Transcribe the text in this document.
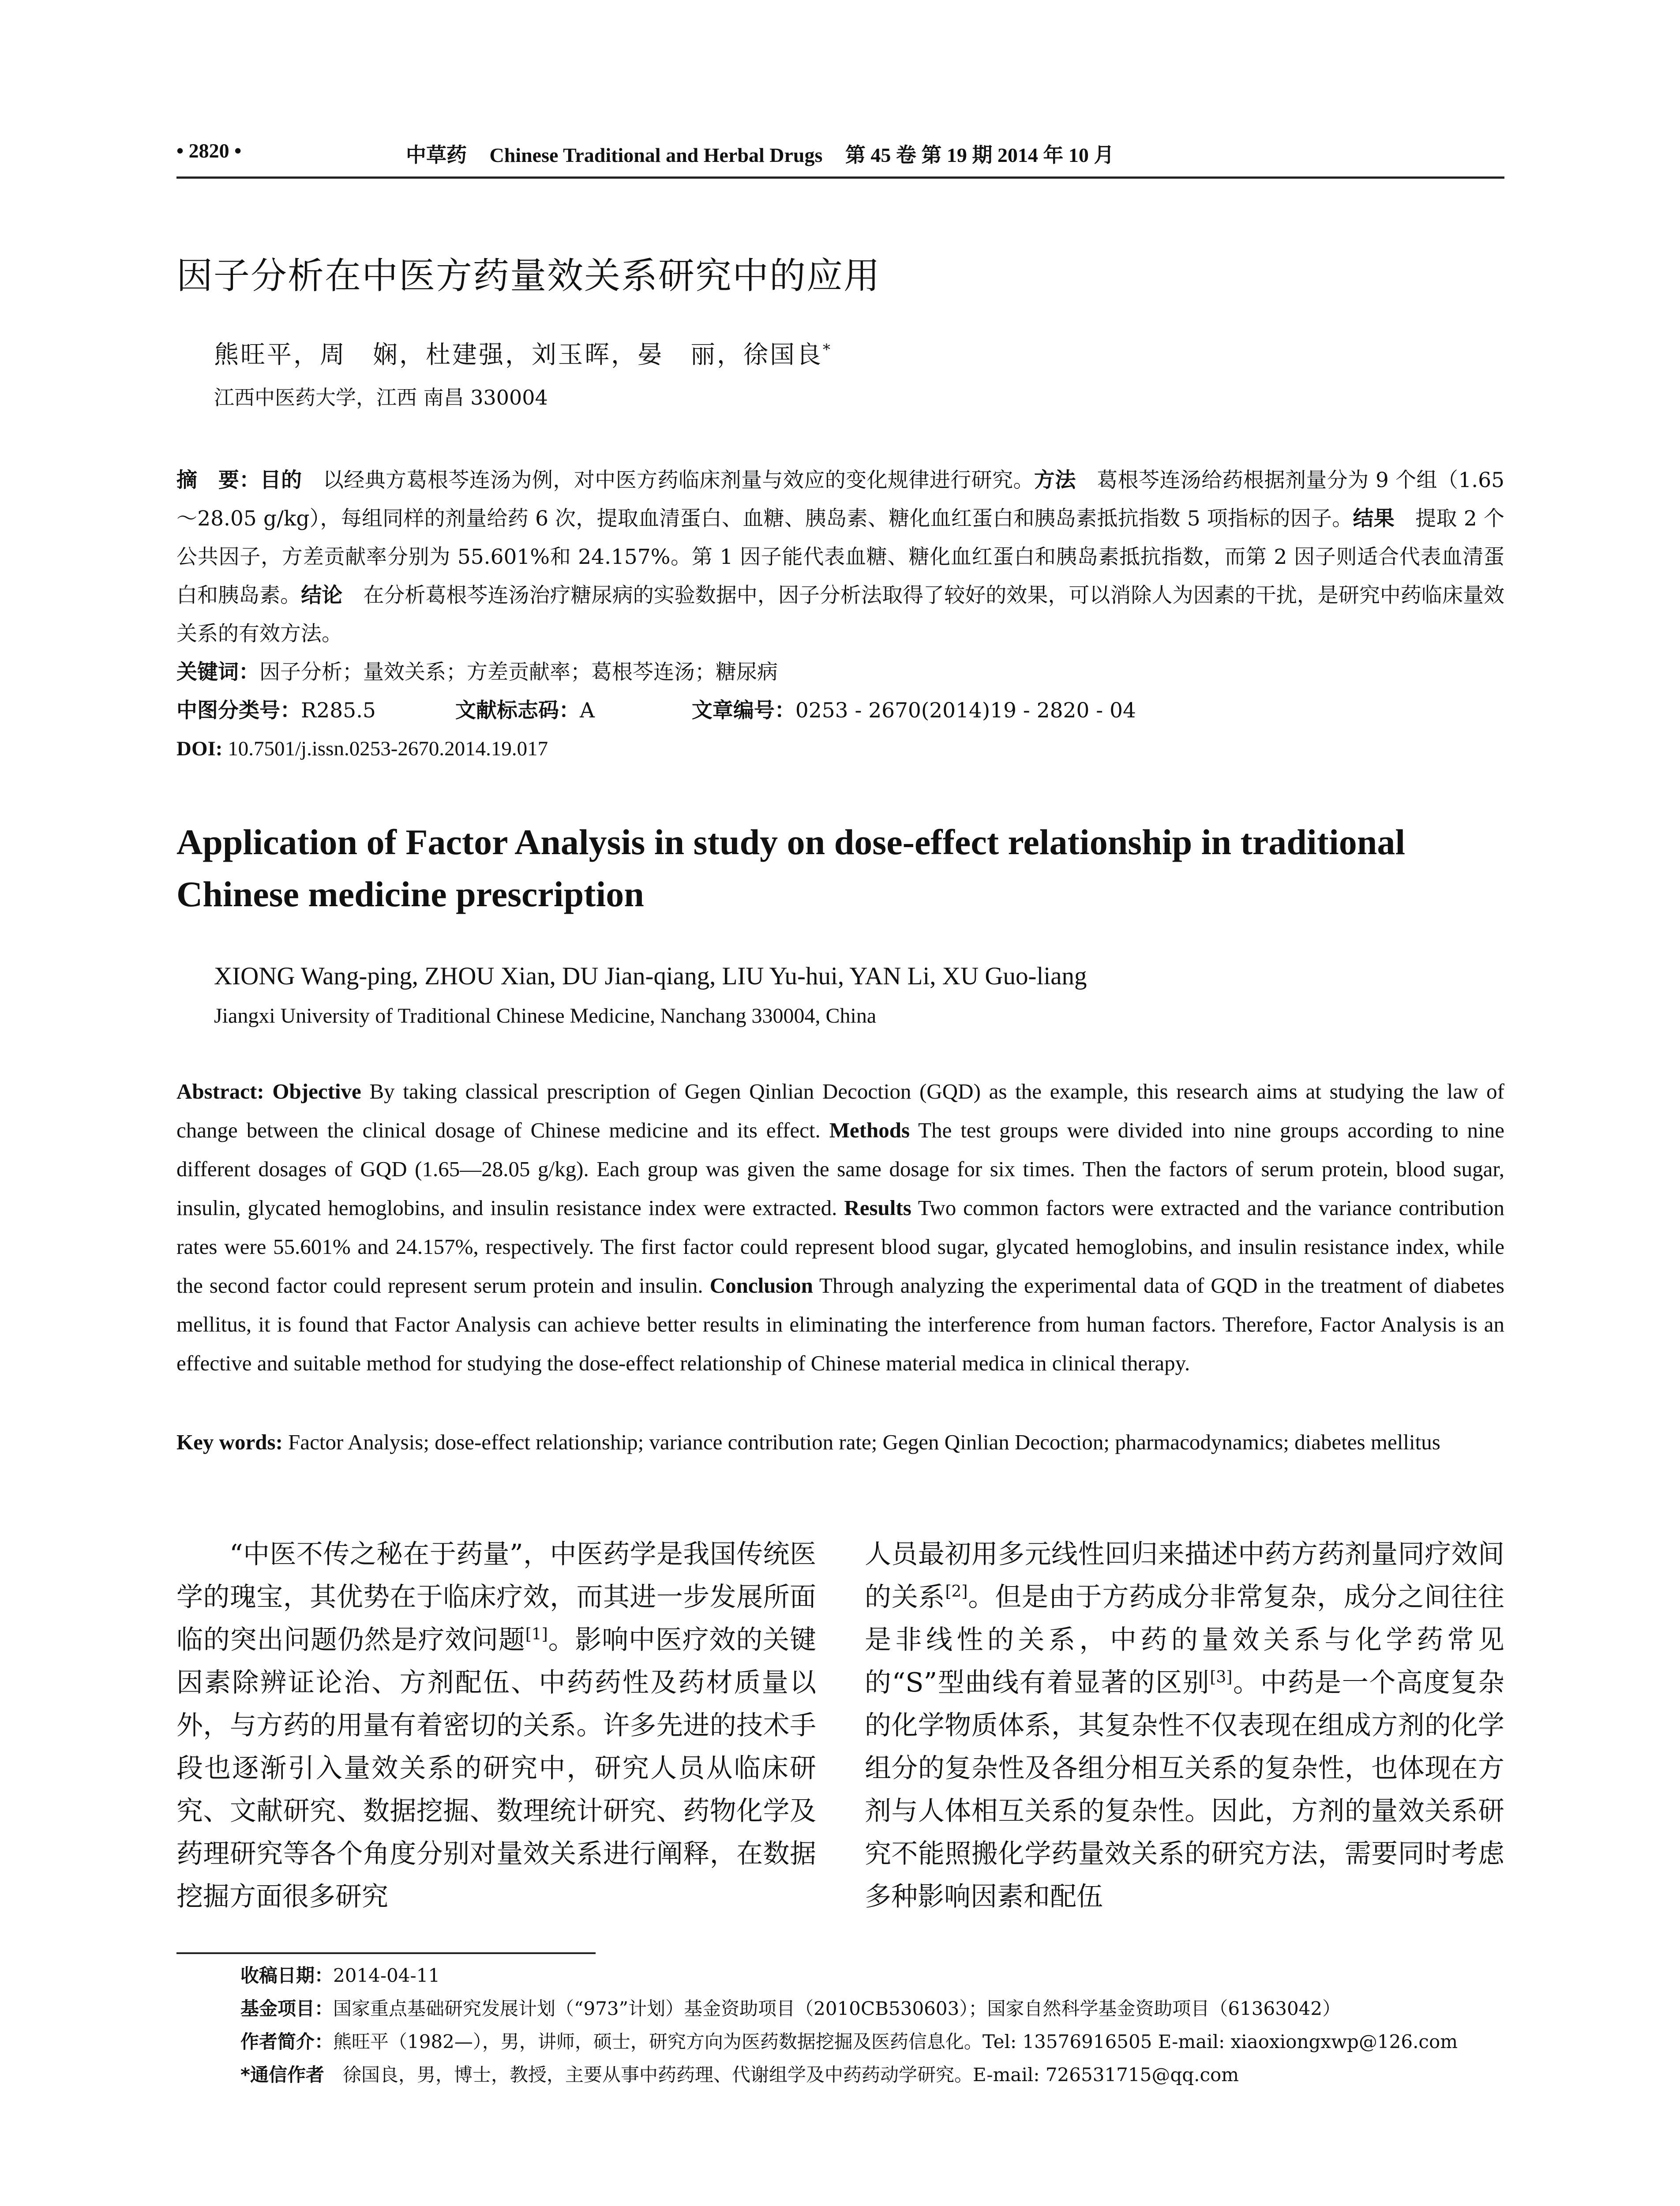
• 2820 •	中草药 Chinese Traditional and Herbal Drugs 第 45 卷 第 19 期 2014 年 10 月
因子分析在中医方药量效关系研究中的应用
熊旺平，周　娴，杜建强，刘玉晖，晏　丽，徐国良*
江西中医药大学，江西 南昌 330004
摘　要：目的　以经典方葛根芩连汤为例，对中医方药临床剂量与效应的变化规律进行研究。方法　葛根芩连汤给药根据剂量分为 9 个组（1.65～28.05 g/kg），每组同样的剂量给药 6 次，提取血清蛋白、血糖、胰岛素、糖化血红蛋白和胰岛素抵抗指数 5 项指标的因子。结果　提取 2 个公共因子，方差贡献率分别为 55.601%和 24.157%。第 1 因子能代表血糖、糖化血红蛋白和胰岛素抵抗指数，而第 2 因子则适合代表血清蛋白和胰岛素。结论　在分析葛根芩连汤治疗糖尿病的实验数据中，因子分析法取得了较好的效果，可以消除人为因素的干扰，是研究中药临床量效关系的有效方法。
关键词：因子分析；量效关系；方差贡献率；葛根芩连汤；糖尿病
中图分类号：R285.5	文献标志码：A	文章编号：0253 - 2670(2014)19 - 2820 - 04
DOI: 10.7501/j.issn.0253-2670.2014.19.017
Application of Factor Analysis in study on dose-effect relationship in traditional Chinese medicine prescription
XIONG Wang-ping, ZHOU Xian, DU Jian-qiang, LIU Yu-hui, YAN Li, XU Guo-liang
Jiangxi University of Traditional Chinese Medicine, Nanchang 330004, China
Abstract: Objective By taking classical prescription of Gegen Qinlian Decoction (GQD) as the example, this research aims at studying the law of change between the clinical dosage of Chinese medicine and its effect. Methods The test groups were divided into nine groups according to nine different dosages of GQD (1.65—28.05 g/kg). Each group was given the same dosage for six times. Then the factors of serum protein, blood sugar, insulin, glycated hemoglobins, and insulin resistance index were extracted. Results Two common factors were extracted and the variance contribution rates were 55.601% and 24.157%, respectively. The first factor could represent blood sugar, glycated hemoglobins, and insulin resistance index, while the second factor could represent serum protein and insulin. Conclusion Through analyzing the experimental data of GQD in the treatment of diabetes mellitus, it is found that Factor Analysis can achieve better results in eliminating the interference from human factors. Therefore, Factor Analysis is an effective and suitable method for studying the dose-effect relationship of Chinese material medica in clinical therapy.
Key words: Factor Analysis; dose-effect relationship; variance contribution rate; Gegen Qinlian Decoction; pharmacodynamics; diabetes mellitus
“中医不传之秘在于药量”，中医药学是我国传统医学的瑰宝，其优势在于临床疗效，而其进一步发展所面临的突出问题仍然是疗效问题[1]。影响中医疗效的关键因素除辨证论治、方剂配伍、中药药性及药材质量以外，与方药的用量有着密切的关系。许多先进的技术手段也逐渐引入量效关系的研究中，研究人员从临床研究、文献研究、数据挖掘、数理统计研究、药物化学及药理研究等各个角度分别对量效关系进行阐释，在数据挖掘方面很多研究
人员最初用多元线性回归来描述中药方药剂量同疗效间的关系[2]。但是由于方药成分非常复杂，成分之间往往是非线性的关系，中药的量效关系与化学药常见的“S”型曲线有着显著的区别[3]。中药是一个高度复杂的化学物质体系，其复杂性不仅表现在组成方剂的化学组分的复杂性及各组分相互关系的复杂性，也体现在方剂与人体相互关系的复杂性。因此，方剂的量效关系研究不能照搬化学药量效关系的研究方法，需要同时考虑多种影响因素和配伍
收稿日期：2014-04-11
基金项目：国家重点基础研究发展计划（“973”计划）基金资助项目（2010CB530603）；国家自然科学基金资助项目（61363042）
作者简介：熊旺平（1982—），男，讲师，硕士，研究方向为医药数据挖掘及医药信息化。Tel: 13576916505 E-mail: xiaoxiongxwp@126.com
*通信作者　徐国良，男，博士，教授，主要从事中药药理、代谢组学及中药药动学研究。E-mail: 726531715@qq.com
